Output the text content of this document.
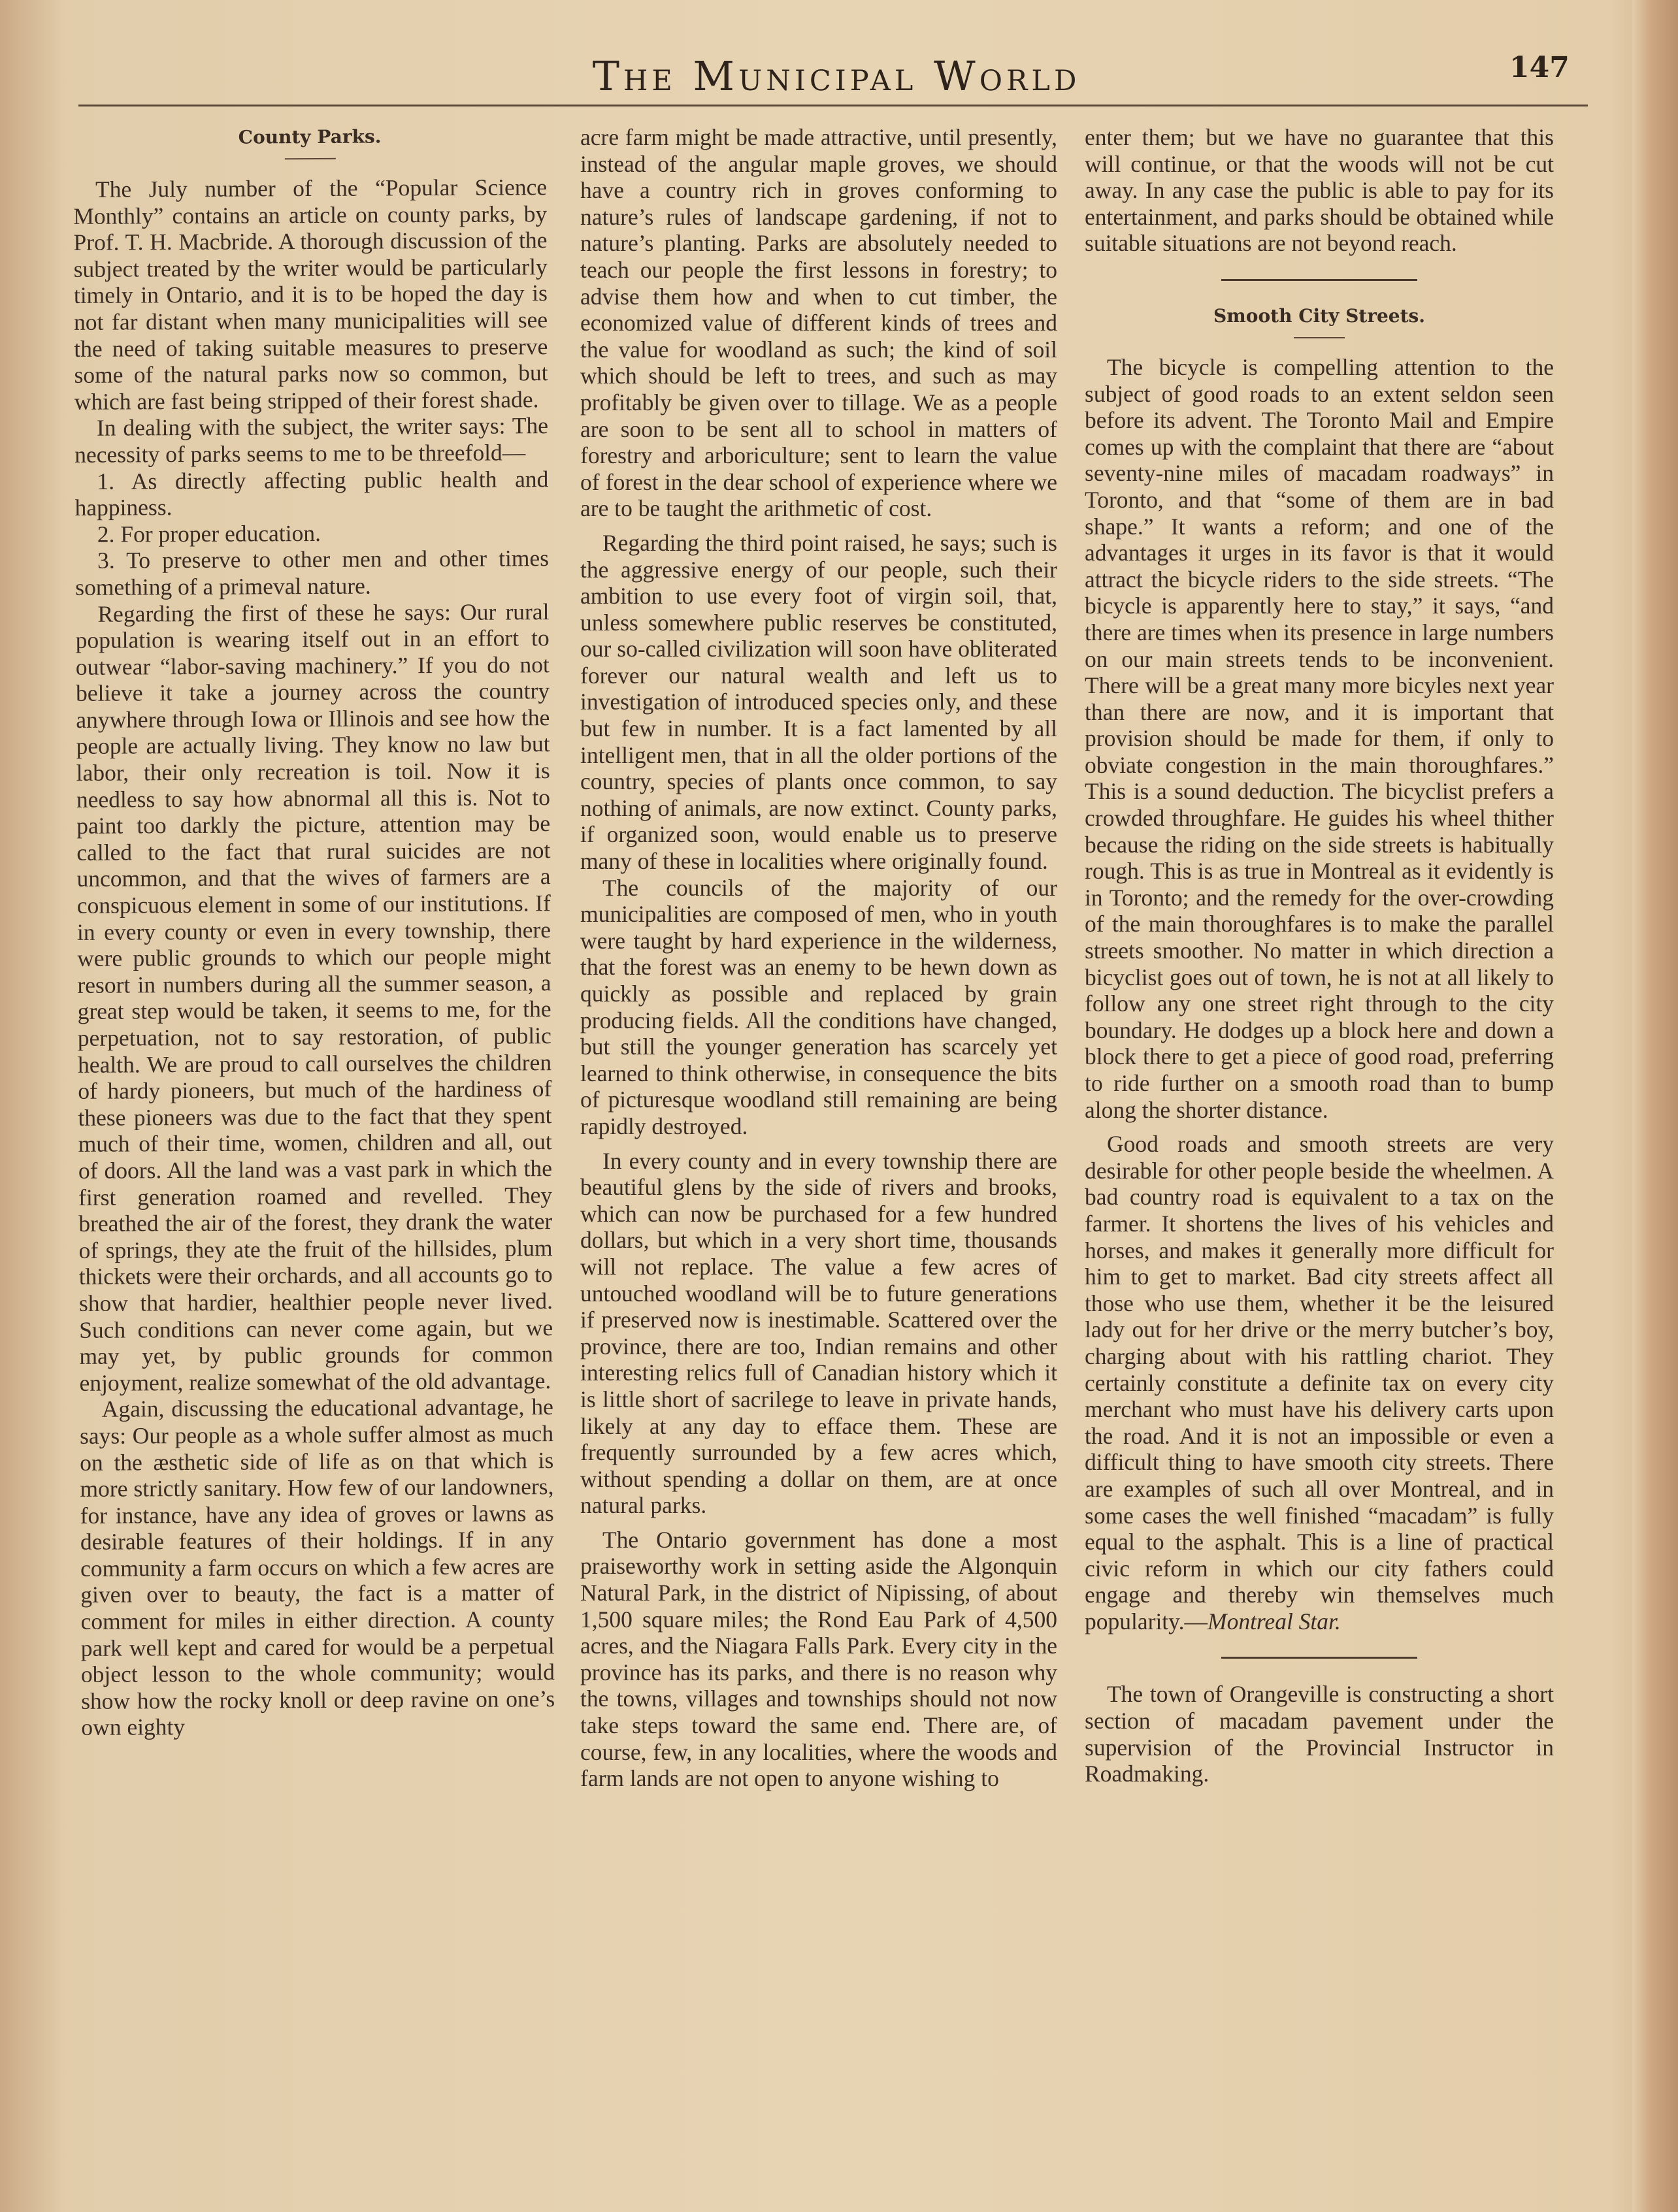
The Municipal World	147
County Parks.

The July number of the “Popular Science Monthly” contains an article on county parks, by Prof. T. H. Macbride. A thorough discussion of the subject treated by the writer would be particularly timely in Ontario, and it is to be hoped the day is not far distant when many municipalities will see the need of taking suitable measures to preserve some of the natural parks now so common, but which are fast being stripped of their forest shade.

In dealing with the subject, the writer says: The necessity of parks seems to me to be threefold—

1. As directly affecting public health and happiness.

2. For proper education.

3. To preserve to other men and other times something of a primeval nature.

Regarding the first of these he says: Our rural population is wearing itself out in an effort to outwear “labor-saving machinery.” If you do not believe it take a journey across the country anywhere through Iowa or Illinois and see how the people are actually living. They know no law but labor, their only recreation is toil. Now it is needless to say how abnormal all this is. Not to paint too darkly the picture, attention may be called to the fact that rural suicides are not uncommon, and that the wives of farmers are a conspicuous element in some of our institutions. If in every county or even in every township, there were public grounds to which our people might resort in numbers during all the summer season, a great step would be taken, it seems to me, for the perpetuation, not to say restoration, of public health. We are proud to call ourselves the children of hardy pioneers, but much of the hardiness of these pioneers was due to the fact that they spent much of their time, women, children and all, out of doors. All the land was a vast park in which the first generation roamed and revelled. They breathed the air of the forest, they drank the water of springs, they ate the fruit of the hillsides, plum thickets were their orchards, and all accounts go to show that hardier, healthier people never lived. Such conditions can never come again, but we may yet, by public grounds for common enjoyment, realize somewhat of the old advantage.

Again, discussing the educational advantage, he says: Our people as a whole suffer almost as much on the æsthetic side of life as on that which is more strictly sanitary. How few of our landowners, for instance, have any idea of groves or lawns as desirable features of their holdings. If in any community a farm occurs on which a few acres are given over to beauty, the fact is a matter of comment for miles in either direction. A county park well kept and cared for would be a perpetual object lesson to the whole community; would show how the rocky knoll or deep ravine on one’s own eighty

acre farm might be made attractive, until presently, instead of the angular maple groves, we should have a country rich in groves conforming to nature’s rules of landscape gardening, if not to nature’s planting. Parks are absolutely needed to teach our people the first lessons in forestry; to advise them how and when to cut timber, the economized value of different kinds of trees and the value for woodland as such; the kind of soil which should be left to trees, and such as may profitably be given over to tillage. We as a people are soon to be sent all to school in matters of forestry and arboriculture; sent to learn the value of forest in the dear school of experience where we are to be taught the arithmetic of cost.

Regarding the third point raised, he says; such is the aggressive energy of our people, such their ambition to use every foot of virgin soil, that, unless somewhere public reserves be constituted, our so-called civilization will soon have obliterated forever our natural wealth and left us to investigation of introduced species only, and these but few in number. It is a fact lamented by all intelligent men, that in all the older portions of the country, species of plants once common, to say nothing of animals, are now extinct. County parks, if organized soon, would enable us to preserve many of these in localities where originally found.

The councils of the majority of our municipalities are composed of men, who in youth were taught by hard experience in the wilderness, that the forest was an enemy to be hewn down as quickly as possible and replaced by grain producing fields. All the conditions have changed, but still the younger generation has scarcely yet learned to think otherwise, in consequence the bits of picturesque woodland still remaining are being rapidly destroyed.

In every county and in every township there are beautiful glens by the side of rivers and brooks, which can now be purchased for a few hundred dollars, but which in a very short time, thousands will not replace. The value a few acres of untouched woodland will be to future generations if preserved now is inestimable. Scattered over the province, there are too, Indian remains and other interesting relics full of Canadian history which it is little short of sacrilege to leave in private hands, likely at any day to efface them. These are frequently surrounded by a few acres which, without spending a dollar on them, are at once natural parks.

The Ontario government has done a most praiseworthy work in setting aside the Algonquin Natural Park, in the district of Nipissing, of about 1,500 square miles; the Rond Eau Park of 4,500 acres, and the Niagara Falls Park. Every city in the province has its parks, and there is no reason why the towns, villages and townships should not now take steps toward the same end. There are, of course, few, in any localities, where the woods and farm lands are not open to anyone wishing to

enter them; but we have no guarantee that this will continue, or that the woods will not be cut away. In any case the public is able to pay for its entertainment, and parks should be obtained while suitable situations are not beyond reach.

Smooth City Streets.

The bicycle is compelling attention to the subject of good roads to an extent seldon seen before its advent. The Toronto Mail and Empire comes up with the complaint that there are “about seventy-nine miles of macadam roadways” in Toronto, and that “some of them are in bad shape.” It wants a reform; and one of the advantages it urges in its favor is that it would attract the bicycle riders to the side streets. “The bicycle is apparently here to stay,” it says, “and there are times when its presence in large numbers on our main streets tends to be inconvenient. There will be a great many more bicyles next year than there are now, and it is important that provision should be made for them, if only to obviate congestion in the main thoroughfares.” This is a sound deduction. The bicyclist prefers a crowded throughfare. He guides his wheel thither because the riding on the side streets is habitually rough. This is as true in Montreal as it evidently is in Toronto; and the remedy for the over-crowding of the main thoroughfares is to make the parallel streets smoother. No matter in which direction a bicyclist goes out of town, he is not at all likely to follow any one street right through to the city boundary. He dodges up a block here and down a block there to get a piece of good road, preferring to ride further on a smooth road than to bump along the shorter distance.

Good roads and smooth streets are very desirable for other people beside the wheelmen. A bad country road is equivalent to a tax on the farmer. It shortens the lives of his vehicles and horses, and makes it generally more difficult for him to get to market. Bad city streets affect all those who use them, whether it be the leisured lady out for her drive or the merry butcher’s boy, charging about with his rattling chariot. They certainly constitute a definite tax on every city merchant who must have his delivery carts upon the road. And it is not an impossible or even a difficult thing to have smooth city streets. There are examples of such all over Montreal, and in some cases the well finished “macadam” is fully equal to the asphalt. This is a line of practical civic reform in which our city fathers could engage and thereby win themselves much popularity.—Montreal Star.

The town of Orangeville is constructing a short section of macadam pavement under the supervision of the Provincial Instructor in Roadmaking.
